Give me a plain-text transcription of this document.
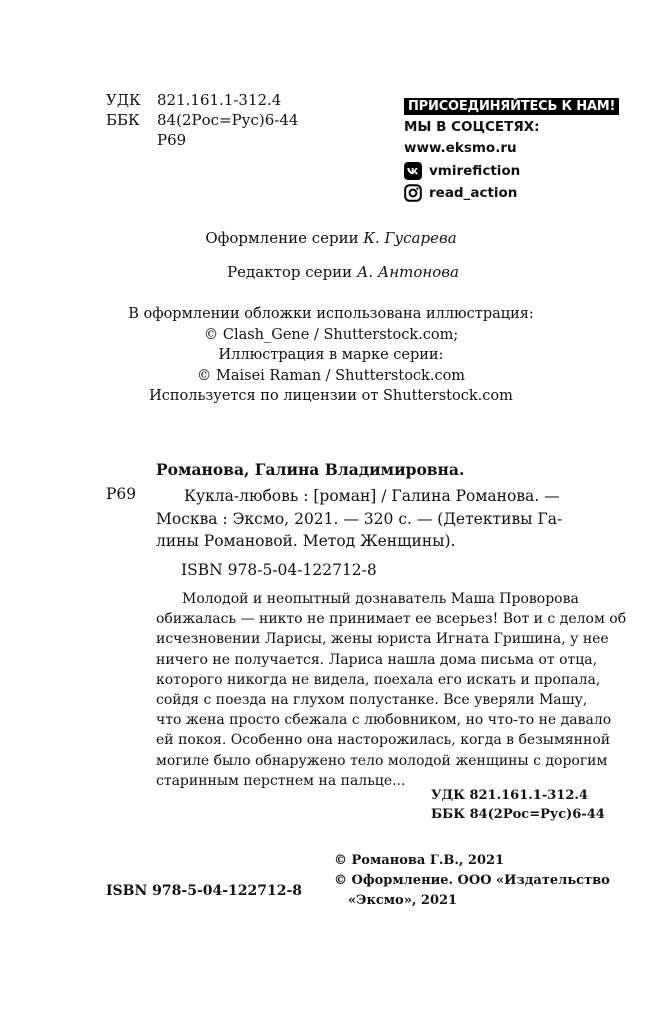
УДК 821.161.1-312.4
ББК 84(2Рос=Рус)6-44
Р69
ПРИСОЕДИНЯЙТЕСЬ К НАМ!
МЫ В СОЦСЕТЯХ:
www.eksmo.ru
vmirefiction
read_action
Оформление серии К. Гусарева
Редактор серии А. Антонова
В оформлении обложки использована иллюстрация:
© Clash_Gene / Shutterstock.com;
Иллюстрация в марке серии:
© Maisei Raman / Shutterstock.com
Используется по лицензии от Shutterstock.com
Романова, Галина Владимировна.
Р69	Кукла-любовь : [роман] / Галина Романова. —
Москва : Эксмо, 2021. — 320 с. — (Детективы Га-
лины Романовой. Метод Женщины).
ISBN 978-5-04-122712-8
Молодой и неопытный дознаватель Маша Проворова
обижалась — никто не принимает ее всерьез! Вот и с делом об
исчезновении Ларисы, жены юриста Игната Гришина, у нее
ничего не получается. Лариса нашла дома письма от отца,
которого никогда не видела, поехала его искать и пропала,
сойдя с поезда на глухом полустанке. Все уверяли Машу,
что жена просто сбежала с любовником, но что-то не давало
ей покоя. Особенно она насторожилась, когда в безымянной
могиле было обнаружено тело молодой женщины с дорогим
старинным перстнем на пальце...
УДК 821.161.1-312.4
ББК 84(2Рос=Рус)6-44
© Романова Г.В., 2021
© Оформление. ООО «Издательство
«Эксмо», 2021
ISBN 978-5-04-122712-8
